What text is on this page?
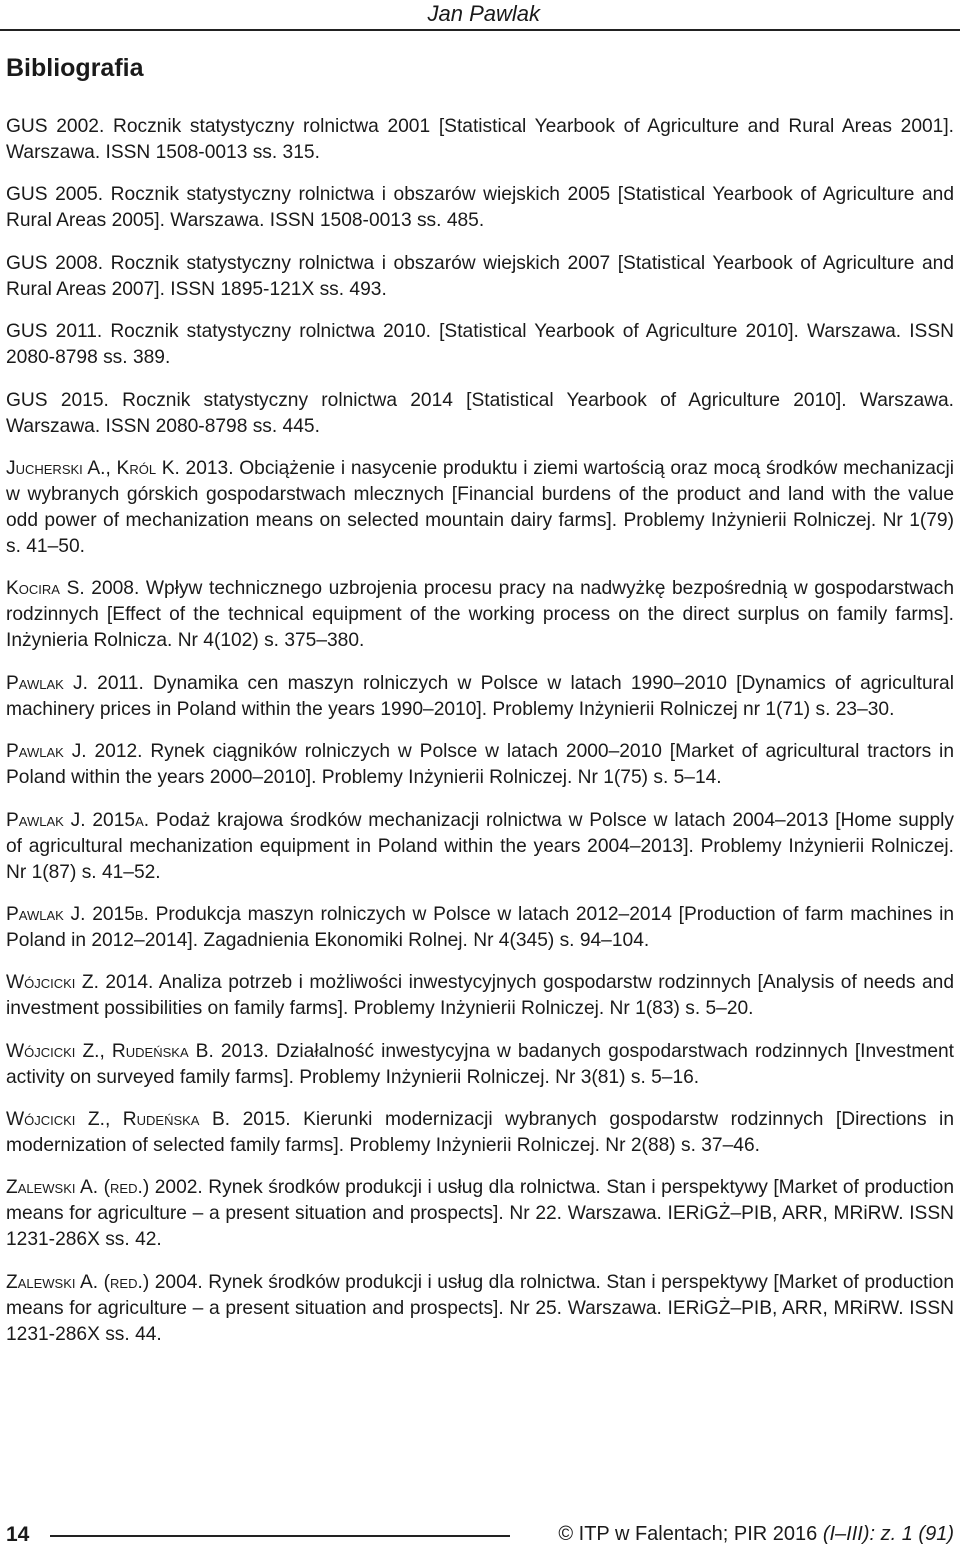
Jan Pawlak
Bibliografia

GUS 2002. Rocznik statystyczny rolnictwa 2001 [Statistical Yearbook of Agriculture and Rural Areas 2001]. Warszawa. ISSN 1508-0013 ss. 315.

GUS 2005. Rocznik statystyczny rolnictwa i obszarów wiejskich 2005 [Statistical Yearbook of Agriculture and Rural Areas 2005]. Warszawa. ISSN 1508-0013 ss. 485.

GUS 2008. Rocznik statystyczny rolnictwa i obszarów wiejskich 2007 [Statistical Yearbook of Agriculture and Rural Areas 2007]. ISSN 1895-121X ss. 493.

GUS 2011. Rocznik statystyczny rolnictwa 2010. [Statistical Yearbook of Agriculture 2010]. Warszawa. ISSN 2080-8798 ss. 389.

GUS 2015. Rocznik statystyczny rolnictwa 2014 [Statistical Yearbook of Agriculture 2010]. Warszawa. Warszawa. ISSN 2080-8798 ss. 445.

Jucherski A., Król K. 2013. Obciążenie i nasycenie produktu i ziemi wartością oraz mocą środków mechanizacji w wybranych górskich gospodarstwach mlecznych [Financial burdens of the product and land with the value odd power of mechanization means on selected mountain dairy farms]. Problemy Inżynierii Rolniczej. Nr 1(79) s. 41–50.

Kocira S. 2008. Wpływ technicznego uzbrojenia procesu pracy na nadwyżkę bezpośrednią w gospodarstwach rodzinnych [Effect of the technical equipment of the working process on the direct surplus on family farms]. Inżynieria Rolnicza. Nr 4(102) s. 375–380.

Pawlak J. 2011. Dynamika cen maszyn rolniczych w Polsce w latach 1990–2010 [Dynamics of agricultural machinery prices in Poland within the years 1990–2010]. Problemy Inżynierii Rolniczej nr 1(71) s. 23–30.

Pawlak J. 2012. Rynek ciągników rolniczych w Polsce w latach 2000–2010 [Market of agricultural tractors in Poland within the years 2000–2010]. Problemy Inżynierii Rolniczej. Nr 1(75) s. 5–14.

Pawlak J. 2015a. Podaż krajowa środków mechanizacji rolnictwa w Polsce w latach 2004–2013 [Home supply of agricultural mechanization equipment in Poland within the years 2004–2013]. Problemy Inżynierii Rolniczej. Nr 1(87) s. 41–52.

Pawlak J. 2015b. Produkcja maszyn rolniczych w Polsce w latach 2012–2014 [Production of farm machines in Poland in 2012–2014]. Zagadnienia Ekonomiki Rolnej. Nr 4(345) s. 94–104.

Wójcicki Z. 2014. Analiza potrzeb i możliwości inwestycyjnych gospodarstw rodzinnych [Analysis of needs and investment possibilities on family farms]. Problemy Inżynierii Rolniczej. Nr 1(83) s. 5–20.

Wójcicki Z., Rudeńska B. 2013. Działalność inwestycyjna w badanych gospodarstwach rodzinnych [Investment activity on surveyed family farms]. Problemy Inżynierii Rolniczej. Nr 3(81) s. 5–16.

Wójcicki Z., Rudeńska B. 2015. Kierunki modernizacji wybranych gospodarstw rodzinnych [Directions in modernization of selected family farms]. Problemy Inżynierii Rolniczej. Nr 2(88) s. 37–46.

Zalewski A. (red.) 2002. Rynek środków produkcji i usług dla rolnictwa. Stan i perspektywy [Market of production means for agriculture – a present situation and prospects]. Nr 22. Warszawa. IERiGŻ–PIB, ARR, MRiRW. ISSN 1231-286X ss. 42.

Zalewski A. (red.) 2004. Rynek środków produkcji i usług dla rolnictwa. Stan i perspektywy [Market of production means for agriculture – a present situation and prospects]. Nr 25. Warszawa. IERiGŻ–PIB, ARR, MRiRW. ISSN 1231-286X ss. 44.

14	© ITP w Falentach; PIR 2016 (I–III): z. 1 (91)
